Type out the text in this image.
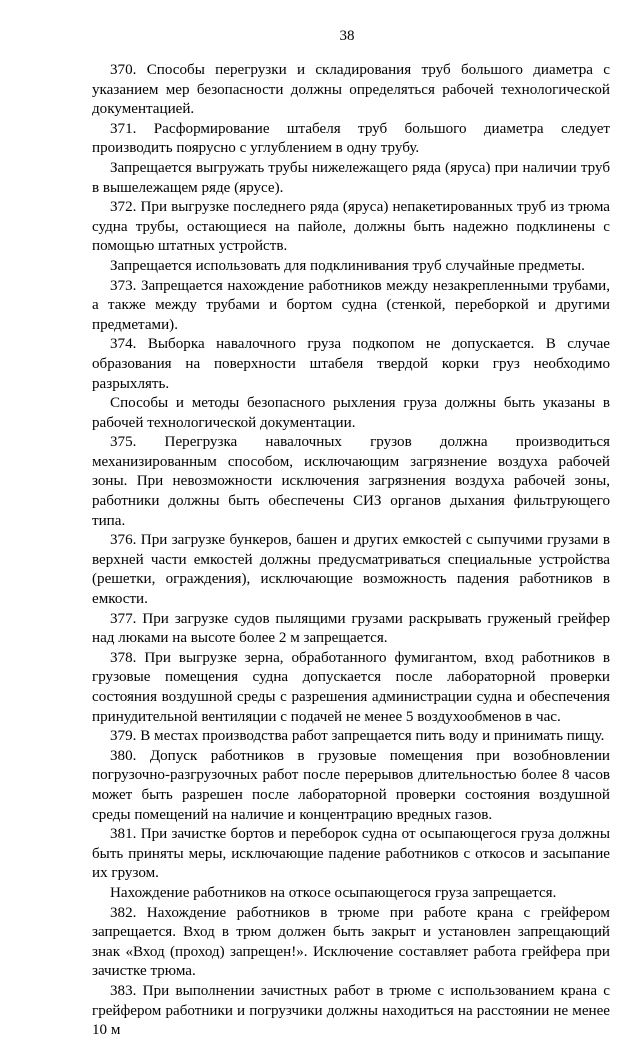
38

370. Способы перегрузки и складирования труб большого диаметра с указанием мер безопасности должны определяться рабочей технологической документацией.

371. Расформирование штабеля труб большого диаметра следует производить поярусно с углублением в одну трубу.

Запрещается выгружать трубы нижележащего ряда (яруса) при наличии труб в вышележащем ряде (ярусе).

372. При выгрузке последнего ряда (яруса) непакетированных труб из трюма судна трубы, остающиеся на пайоле, должны быть надежно подклинены с помощью штатных устройств.

Запрещается использовать для подклинивания труб случайные предметы.

373. Запрещается нахождение работников между незакрепленными трубами, а также между трубами и бортом судна (стенкой, переборкой и другими предметами).

374. Выборка навалочного груза подкопом не допускается. В случае образования на поверхности штабеля твердой корки груз необходимо разрыхлять.

Способы и методы безопасного рыхления груза должны быть указаны в рабочей технологической документации.

375. Перегрузка навалочных грузов должна производиться механизированным способом, исключающим загрязнение воздуха рабочей зоны. При невозможности исключения загрязнения воздуха рабочей зоны, работники должны быть обеспечены СИЗ органов дыхания фильтрующего типа.

376. При загрузке бункеров, башен и других емкостей с сыпучими грузами в верхней части емкостей должны предусматриваться специальные устройства (решетки, ограждения), исключающие возможность падения работников в емкости.

377. При загрузке судов пылящими грузами раскрывать груженый грейфер над люками на высоте более 2 м запрещается.

378. При выгрузке зерна, обработанного фумигантом, вход работников в грузовые помещения судна допускается после лабораторной проверки состояния воздушной среды с разрешения администрации судна и обеспечения принудительной вентиляции с подачей не менее 5 воздухообменов в час.

379. В местах производства работ запрещается пить воду и принимать пищу.

380. Допуск работников в грузовые помещения при возобновлении погрузочно-разгрузочных работ после перерывов длительностью более 8 часов может быть разрешен после лабораторной проверки состояния воздушной среды помещений на наличие и концентрацию вредных газов.

381. При зачистке бортов и переборок судна от осыпающегося груза должны быть приняты меры, исключающие падение работников с откосов и засыпание их грузом.

Нахождение работников на откосе осыпающегося груза запрещается.

382. Нахождение работников в трюме при работе крана с грейфером запрещается. Вход в трюм должен быть закрыт и установлен запрещающий знак «Вход (проход) запрещен!». Исключение составляет работа грейфера при зачистке трюма.

383. При выполнении зачистных работ в трюме с использованием крана с грейфером работники и погрузчики должны находиться на расстоянии не менее 10 м
